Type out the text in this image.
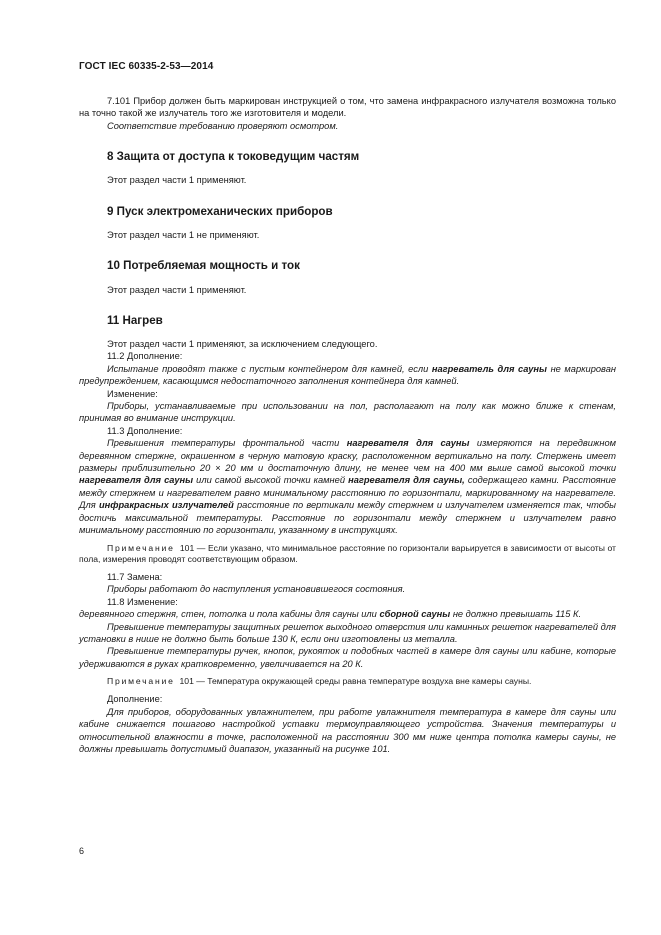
ГОСТ IEC 60335-2-53—2014

7.101 Прибор должен быть маркирован инструкцией о том, что замена инфракрасного излучателя возможна только на точно такой же излучатель того же изготовителя и модели.

Соответствие требованию проверяют осмотром.

8 Защита от доступа к токоведущим частям
Этот раздел части 1 применяют.
9 Пуск электромеханических приборов
Этот раздел части 1 не применяют.
10 Потребляемая мощность и ток
Этот раздел части 1 применяют.
11 Нагрев

Этот раздел части 1 применяют, за исключением следующего.

11.2 Дополнение:

Испытание проводят также с пустым контейнером для камней, если нагреватель для сауны не маркирован предупреждением, касающимся недостаточного заполнения контейнера для камней.

Изменение:

Приборы, устанавливаемые при использовании на пол, располагают на полу как можно ближе к стенам, принимая во внимание инструкции.

11.3 Дополнение:

Превышения температуры фронтальной части нагревателя для сауны измеряются на передвижном деревянном стержне, окрашенном в черную матовую краску, расположенном вертикально на полу. Стержень имеет размеры приблизительно 20 × 20 мм и достаточную длину, не менее чем на 400 мм выше самой высокой точки нагревателя для сауны или самой высокой точки камней нагревателя для сауны, содержащего камни. Расстояние между стержнем и нагревателем равно минимальному расстоянию по горизонтали, маркированному на нагревателе. Для инфракрасных излучателей расстояние по вертикали между стержнем и излучателем изменяется так, чтобы достичь максимальной температуры. Расстояние по горизонтали между стержнем и излучателем равно минимальному расстоянию по горизонтали, указанному в инструкциях.

Примечание 101 — Если указано, что минимальное расстояние по горизонтали варьируется в зависимости от высоты от пола, измерения проводят соответствующим образом.

11.7 Замена:

Приборы работают до наступления установившегося состояния.

11.8 Изменение:

деревянного стержня, стен, потолка и пола кабины для сауны или сборной сауны не должно превышать 115 К.

Превышение температуры защитных решеток выходного отверстия или каминных решеток нагревателей для установки в нише не должно быть больше 130 К, если они изготовлены из металла.

Превышение температуры ручек, кнопок, рукояток и подобных частей в камере для сауны или кабине, которые удерживаются в руках кратковременно, увеличивается на 20 К.

Примечание 101 — Температура окружающей среды равна температуре воздуха вне камеры сауны.

Дополнение:

Для приборов, оборудованных увлажнителем, при работе увлажнителя температура в камере для сауны или кабине снижается пошагово настройкой уставки термоуправляющего устройства. Значения температуры и относительной влажности в точке, расположенной на расстоянии 300 мм ниже центра потолка камеры сауны, не должны превышать допустимый диапазон, указанный на рисунке 101.

6
